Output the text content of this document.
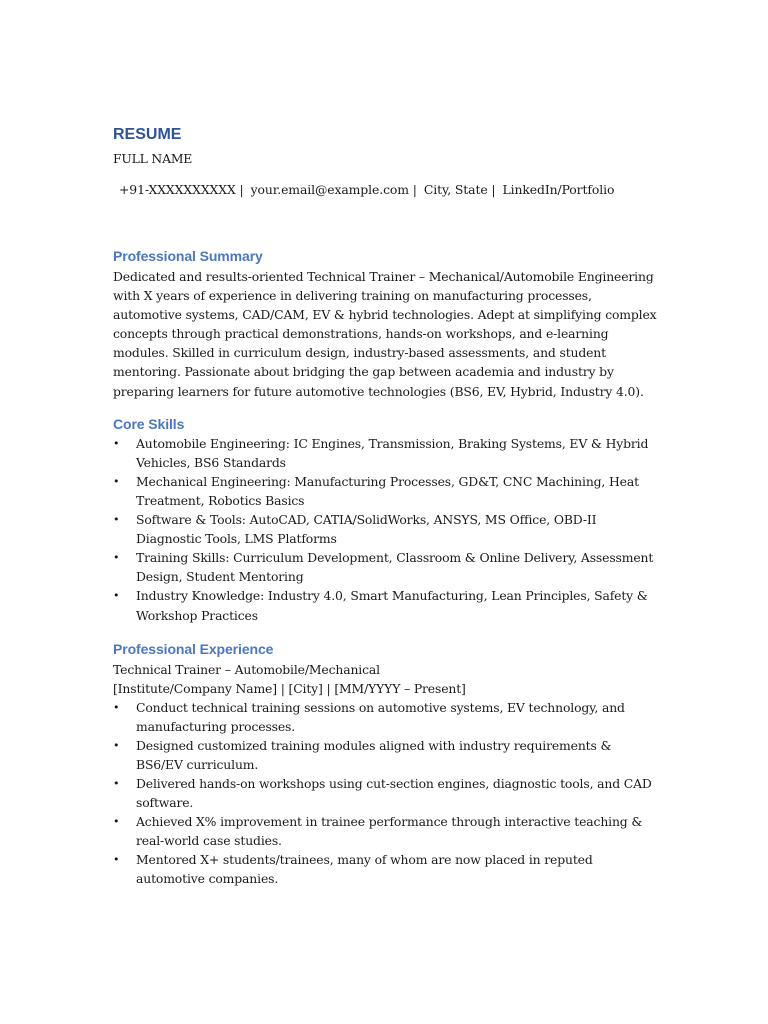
RESUME
FULL NAME
+91-XXXXXXXXXX | your.email@example.com | City, State | LinkedIn/Portfolio
Professional Summary

Dedicated and results-oriented Technical Trainer – Mechanical/Automobile Engineering with X years of experience in delivering training on manufacturing processes, automotive systems, CAD/CAM, EV & hybrid technologies. Adept at simplifying complex concepts through practical demonstrations, hands-on workshops, and e-learning modules. Skilled in curriculum design, industry-based assessments, and student mentoring. Passionate about bridging the gap between academia and industry by preparing learners for future automotive technologies (BS6, EV, Hybrid, Industry 4.0).

Core Skills
• Automobile Engineering: IC Engines, Transmission, Braking Systems, EV & Hybrid Vehicles, BS6 Standards
• Mechanical Engineering: Manufacturing Processes, GD&T, CNC Machining, Heat Treatment, Robotics Basics
• Software & Tools: AutoCAD, CATIA/SolidWorks, ANSYS, MS Office, OBD-II Diagnostic Tools, LMS Platforms
• Training Skills: Curriculum Development, Classroom & Online Delivery, Assessment Design, Student Mentoring
• Industry Knowledge: Industry 4.0, Smart Manufacturing, Lean Principles, Safety & Workshop Practices
Professional Experience
Technical Trainer – Automobile/Mechanical
[Institute/Company Name] | [City] | [MM/YYYY – Present]
• Conduct technical training sessions on automotive systems, EV technology, and manufacturing processes.
• Designed customized training modules aligned with industry requirements & BS6/EV curriculum.
• Delivered hands-on workshops using cut-section engines, diagnostic tools, and CAD software.
• Achieved X% improvement in trainee performance through interactive teaching & real-world case studies.
• Mentored X+ students/trainees, many of whom are now placed in reputed automotive companies.
